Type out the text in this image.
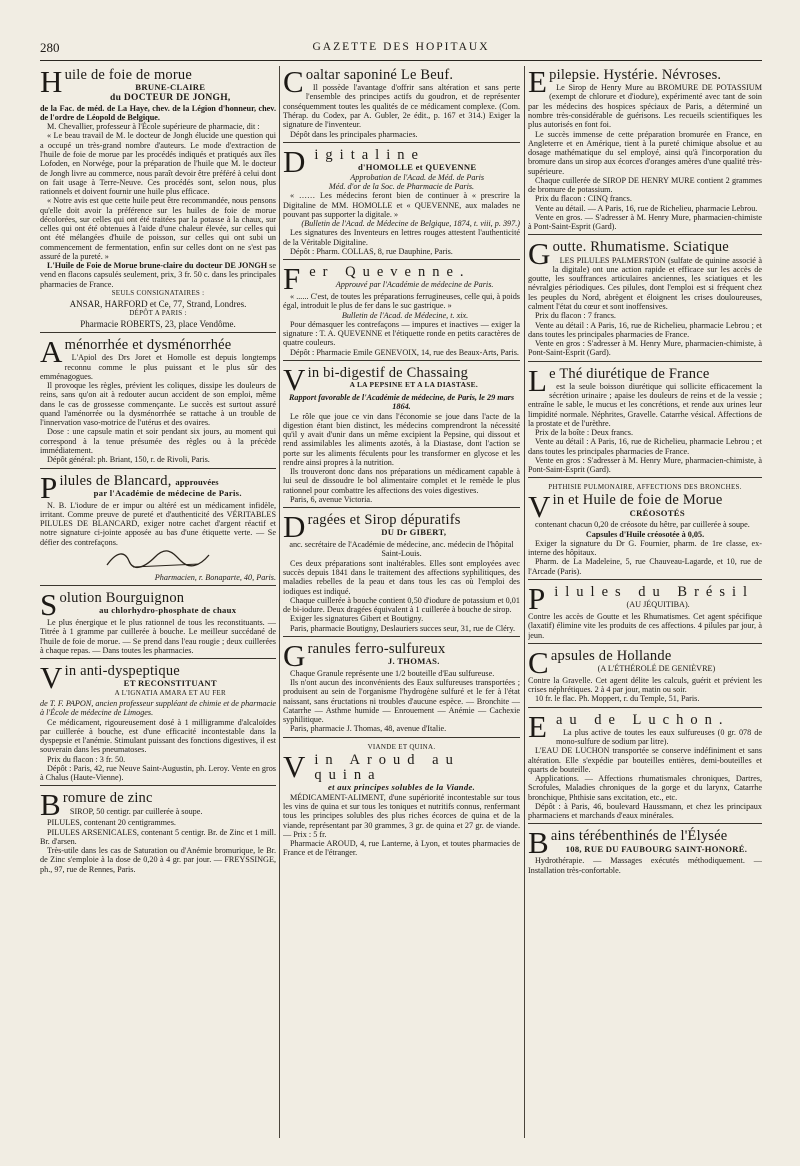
280	GAZETTE DES HOPITAUX
Huile de foie de morue
BRUNE-CLAIRE
du DOCTEUR DE JONGH,

de la Fac. de méd. de La Haye, chev. de la Légion d'honneur, chev. de l'ordre de Léopold de Belgique.

M. Chevallier, professeur à l'École supérieure de pharmacie, dit :

« Le beau travail de M. le docteur de Jongh élucide une question qui a occupé un très-grand nombre d'auteurs. Le mode d'extraction de l'huile de foie de morue par les procédés indiqués et pratiqués aux îles Lofoden, en Norwége, pour la préparation de l'huile que M. le docteur de Jongh livre au commerce, nous paraît devoir être préféré à celui dont on fait usage à Terre-Neuve. Ces procédés sont, selon nous, plus rationnels et doivent fournir une huile plus efficace.

« Notre avis est que cette huile peut être recommandée, nous pensons qu'elle doit avoir la préférence sur les huiles de foie de morue décolorées, sur celles qui ont été traitées par la potasse à la chaux, sur celles qui ont été obtenues à l'aide d'une chaleur élevée, sur celles qui ont été mélangées d'huile de poisson, sur celles qui ont subi un commencement de fermentation, enfin sur celles dont on ne s'est pas assuré de la pureté. »

L'Huile de Foie de Morue brune-claire du docteur DE JONGH se vend en flacons capsulés seulement, prix, 3 fr. 50 c. dans les principales pharmacies de France.

SEULS CONSIGNATAIRES :
ANSAR, HARFORD et Ce, 77, Strand, Londres.
DÉPÔT A PARIS :
Pharmacie ROBERTS, 23, place Vendôme.
Aménorrhée et dysménorrhée

L'Apiol des Drs Joret et Homolle est depuis longtemps reconnu comme le plus puissant et le plus sûr des emménagogues.

Il provoque les règles, prévient les coliques, dissipe les douleurs de reins, sans qu'on ait à redouter aucun accident de son emploi, même dans le cas de grossesse commençante. Le succès est surtout assuré quand l'aménorrée ou la dysménorrhée se rattache à un trouble de l'innervation vaso-motrice de l'utérus et des ovaires.

Dose : une capsule matin et soir pendant six jours, au moment qui correspond à la tenue présumée des règles ou à la précède immédiatement.

Dépôt général: ph. Briant, 150, r. de Rivoli, Paris.

Pilules de Blancard, approuvées
par l'Académie de médecine de Paris.

N. B. L'iodure de er impur ou altéré est un médicament infidèle, irritant. Comme preuve de pureté et d'authenticité des VÉRITABLES PILULES DE BLANCARD, exiger notre cachet d'argent réactif et notre signature ci-jointe apposée au bas d'une étiquette verte. — Se défier des contrefaçons.

Pharmacien, r. Bonaparte, 40, Paris.

Solution Bourguignon
au chlorhydro-phosphate de chaux

Le plus énergique et le plus rationnel de tous les reconstituants. — Titrée à 1 gramme par cuillerée à bouche. Le meilleur succédané de l'huile de foie de morue. — Se prend dans l'eau rougie ; deux cuillerées à chaque repas. — Dans toutes les pharmacies.

Vin anti-dyspeptique
ET RECONSTITUANT
A L'IGNATIA AMARA ET AU FER

de T. F. PAPON, ancien professeur suppléant de chimie et de pharmacie à l'École de médecine de Limoges.

Ce médicament, rigoureusement dosé à 1 milligramme d'alcaloïdes par cuillerée à bouche, est d'une efficacité incontestable dans la dyspepsie et l'anémie. Stimulant puissant des fonctions digestives, il est souverain dans les pneumatoses.

Prix du flacon : 3 fr. 50.

Dépôt : Paris, 42, rue Neuve Saint-Augustin, ph. Leroy. Vente en gros à Chalus (Haute-Vienne).

Bromure de zinc

SIROP, 50 centigr. par cuillerée à soupe.

PILULES, contenant 20 centigrammes.

PILULES ARSENICALES, contenant 5 centigr. Br. de Zinc et 1 mill. Br. d'arsen.

Très-utile dans les cas de Saturation ou d'Anémie bromurique, le Br. de Zinc s'emploie à la dose de 0,20 à 4 gr. par jour. — FREYSSINGE, ph., 97, rue de Rennes, Paris.

Coaltar saponiné Le Beuf.

Il possède l'avantage d'offrir sans altération et sans perte l'ensemble des principes actifs du goudron, et de représenter conséquemment toutes les qualités de ce médicament complexe. (Com. Thérap. du Codex, par A. Gubler, 2e édit., p. 167 et 314.) Exiger la signature de l'inventeur.

Dépôt dans les principales pharmacies.

Digitaline
d'HOMOLLE et QUEVENNE

Approbation de l'Acad. de Méd. de Paris

Méd. d'or de la Soc. de Pharmacie de Paris.

« …… Les médecins feront bien de continuer à « prescrire la Digitaline de MM. HOMOLLE et « QUEVENNE, aux malades ne pouvant pas supporter la digitale. »

(Bulletin de l'Acad. de Médecine de Belgique, 1874, t. viii, p. 397.)

Les signatures des Inventeurs en lettres rouges attestent l'authenticité de la Véritable Digitaline.

Dépôt : Pharm. COLLAS, 8, rue Dauphine, Paris.

Fer Quevenne.

Approuvé par l'Académie de médecine de Paris.

« ...... C'est, de toutes les préparations ferrugineuses, celle qui, à poids égal, introduit le plus de fer dans le suc gastrique. »

Bulletin de l'Acad. de Médecine, t. xix.

Pour démasquer les contrefaçons — impures et inactives — exiger la signature : T. A. QUEVENNE et l'étiquette ronde en petits caractères de quatre couleurs.

Dépôt : Pharmacie Emile GENEVOIX, 14, rue des Beaux-Arts, Paris.

Vin bi-digestif de Chassaing
A LA PEPSINE ET A LA DIASTASE.

Rapport favorable de l'Académie de médecine, de Paris, le 29 mars 1864.

Le rôle que joue ce vin dans l'économie se joue dans l'acte de la digestion étant bien distinct, les médecins comprendront la nécessité qu'il y avait d'unir dans un même excipient la Pepsine, qui dissout et rend assimilables les aliments azotés, à la Diastase, dont l'action se porte sur les aliments féculents pour les transformer en glycose et les rendre ainsi propres à la nutrition.

Ils trouveront donc dans nos préparations un médicament capable à lui seul de dissoudre le bol alimentaire complet et le remède le plus rationnel pour combattre les affections des voies digestives.

Paris, 6, avenue Victoria.

Dragées et Sirop dépuratifs
DU Dr GIBERT,

anc. secrétaire de l'Académie de médecine, anc. médecin de l'hôpital Saint-Louis.

Ces deux préparations sont inaltérables. Elles sont employées avec succès depuis 1841 dans le traitement des affections syphilitiques, des maladies rebelles de la peau et dans tous les cas où l'emploi des iodiques est indiqué.

Chaque cuillerée à bouche contient 0,50 d'iodure de potassium et 0,01 de bi-iodure. Deux dragées équivalent à 1 cuillerée à bouche de sirop.

Exiger les signatures Gibert et Boutigny.

Paris, pharmacie Boutigny, Deslauriers succes seur, 31, rue de Cléry.

Granules ferro-sulfureux
J. THOMAS.

Chaque Granule représente une 1/2 bouteille d'Eau sulfureuse.

Ils n'ont aucun des inconvénients des Eaux sulfureuses transportées ; produisent au sein de l'organisme l'hydrogène sulfuré et le fer à l'état naissant, sans éructations ni troubles d'aucune espèce. — Bronchite — Catarrhe — Asthme humide — Enrouement — Anémie — Cachexie syphilitique.

Paris, pharmacie J. Thomas, 48, avenue d'Italie.

VIANDE ET QUINA.
Vin Aroud au quina
et aux principes solubles de la Viande.

MÉDICAMENT-ALIMENT, d'une supériorité incontestable sur tous les vins de quina et sur tous les toniques et nutritifs connus, renfermant tous les principes solubles des plus riches écorces de quina et de la viande, représentant par 30 grammes, 3 gr. de quina et 27 gr. de viande. — Prix : 5 fr.

Pharmacie AROUD, 4, rue Lanterne, à Lyon, et toutes pharmacies de France et de l'étranger.

Epilepsie. Hystérie. Névroses.

Le Sirop de Henry Mure au BROMURE DE POTASSIUM (exempt de chlorure et d'iodure), expérimenté avec tant de soin par les médecins des hospices spéciaux de Paris, a déterminé un nombre très-considérable de guérisons. Les recueils scientifiques les plus autorisés en font foi.

Le succès immense de cette préparation bromurée en France, en Angleterre et en Amérique, tient à la pureté chimique absolue et au dosage mathématique du sel employé, ainsi qu'à l'incorporation du bromure dans un sirop aux écorces d'oranges amères d'une qualité très-supérieure.

Chaque cuillerée de SIROP DE HENRY MURE contient 2 grammes de bromure de potassium.

Prix du flacon : CINQ francs.

Vente au détail. — A Paris, 16, rue de Richelieu, pharmacie Lebrou.

Vente en gros. — S'adresser à M. Henry Mure, pharmacien-chimiste à Pont-Saint-Esprit (Gard).

Goutte. Rhumatisme. Sciatique

LES PILULES PALMERSTON (sulfate de quinine associé à la digitale) ont une action rapide et efficace sur les accès de goutte, les souffrances articulaires anciennes, les sciatiques et les névralgies périodiques. Ces pilules, dont l'emploi est si fréquent chez les peuples du Nord, abrègent et éloignent les crises douloureuses, calment l'état du cœur et sont inoffensives.

Prix du flacon : 7 francs.

Vente au détail : A Paris, 16, rue de Richelieu, pharmacie Lebrou ; et dans toutes les principales pharmacies de France.

Vente en gros : S'adresser à M. Henry Mure, pharmacien-chimiste, à Pont-Saint-Esprit (Gard).

Le Thé diurétique de France

est la seule boisson diurétique qui sollicite efficacement la sécrétion urinaire ; apaise les douleurs de reins et de la vessie ; entraîne le sable, le mucus et les concrétions, et rende aux urines leur limpidité normale. Néphrites, Gravelle. Catarrhe vésical. Affections de la prostate et de l'urèthre.

Prix de la boîte : Deux francs.

Vente au détail : A Paris, 16, rue de Richelieu, pharmacie Lebrou ; et dans toutes les principales pharmacies de France.

Vente en gros : S'adresser à M. Henry Mure, pharmacien-chimiste, à Pont-Saint-Esprit (Gard).

PHTHISIE PULMONAIRE, AFFECTIONS DES BRONCHES.
Vin et Huile de foie de Morue
CRÉOSOTÉS

contenant chacun 0,20 de créosote du hêtre, par cuillerée à soupe.

Capsules d'Huile créosotée à 0,05.

Exiger la signature du Dr G. Fournier, pharm. de 1re classe, ex-interne des hôpitaux.

Pharm. de La Madeleine, 5, rue Chauveau-Lagarde, et 10, rue de l'Arcade (Paris).

Pilules du Brésil
(AU JÉQUITIBA).

Contre les accès de Goutte et les Rhumatismes. Cet agent spécifique (laxatif) élimine vite les produits de ces affections. 4 pilules par jour, à jeun.

Capsules de Hollande
(A L'ÉTHÉROLÉ DE GENIÈVRE)

Contre la Gravelle. Cet agent délite les calculs, guérit et prévient les crises néphrétiques. 2 à 4 par jour, matin ou soir.

10 fr. le flac. Ph. Moppert, r. du Temple, 51, Paris.

Eau de Luchon.

La plus active de toutes les eaux sulfureuses (0 gr. 078 de mono-sulfure de sodium par litre).

L'EAU DE LUCHON transportée se conserve indéfiniment et sans altération. Elle s'expédie par bouteilles entières, demi-bouteilles et quarts de bouteille.

Applications. — Affections rhumatismales chroniques, Dartres, Scrofules, Maladies chroniques de la gorge et du larynx, Catarrhe bronchique, Phthisie sans excitation, etc., etc.

Dépôt : à Paris, 46, boulevard Haussmann, et chez les principaux pharmaciens et marchands d'eaux minérales.

Bains térébenthinés de l'Élysée
108, RUE DU FAUBOURG SAINT-HONORÉ.

Hydrothérapie. — Massages exécutés méthodiquement. — Installation très-confortable.
